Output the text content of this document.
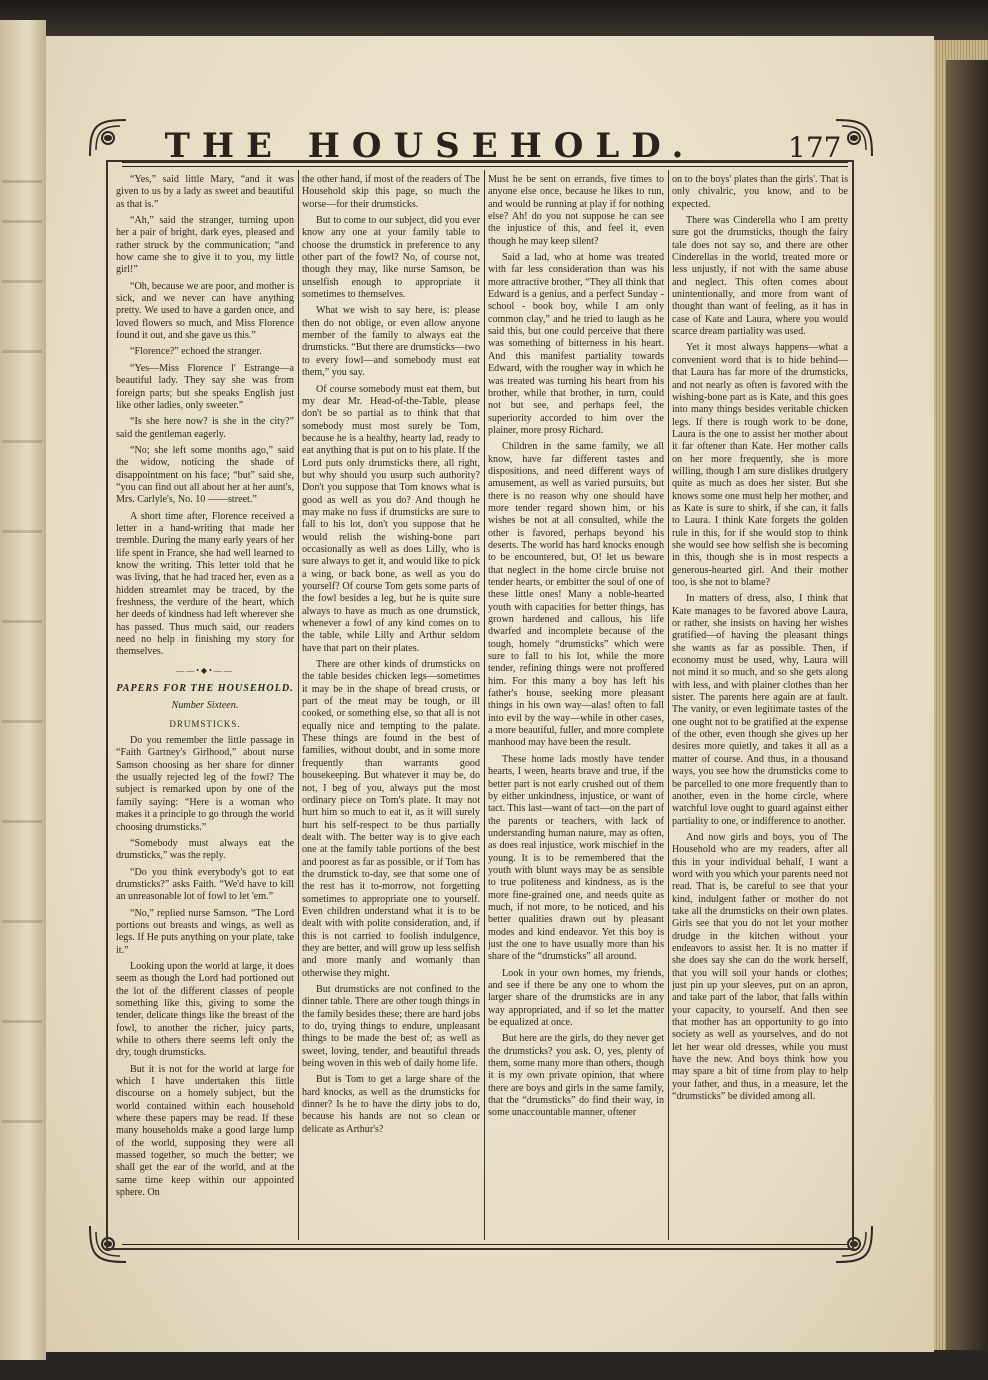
THE HOUSEHOLD.	177

“Yes,” said little Mary, “and it was given to us by a lady as sweet and beautiful as that is.”

“Ah,” said the stranger, turning upon her a pair of bright, dark eyes, pleased and rather struck by the communication; “and how came she to give it to you, my little girl!”

“Oh, because we are poor, and mother is sick, and we never can have anything pretty. We used to have a garden once, and loved flowers so much, and Miss Florence found it out, and she gave us this.”

“Florence?” echoed the stranger.

“Yes—Miss Florence l' Estrange—a beautiful lady. They say she was from foreign parts; but she speaks English just like other ladies, only sweeter.”

“Is she here now? is she in the city?” said the gentleman eagerly.

“No; she left some months ago,” said the widow, noticing the shade of disappointment on his face; “but” said she, “you can find out all about her at her aunt's, Mrs. Carlyle's, No. 10 ——street.”

A short time after, Florence received a letter in a hand-writing that made her tremble. During the many early years of her life spent in France, she had well learned to know the writing. This letter told that he was living, that he had traced her, even as a hidden streamlet may be traced, by the freshness, the verdure of the heart, which her deeds of kindness had left wherever she has passed. Thus much said, our readers need no help in finishing my story for themselves.

——•◆•——

PAPERS FOR THE HOUSEHOLD.

Number Sixteen.

DRUMSTICKS.

Do you remember the little passage in “Faith Gartney's Girlhood,” about nurse Samson choosing as her share for dinner the usually rejected leg of the fowl? The subject is remarked upon by one of the family saying: “Here is a woman who makes it a principle to go through the world choosing drumsticks.”

“Somebody must always eat the drumsticks,” was the reply.

“Do you think everybody's got to eat drumsticks?” asks Faith. “We'd have to kill an unreasonable lot of fowl to let 'em.”

“No,” replied nurse Samson. “The Lord portions out breasts and wings, as well as legs. If He puts anything on your plate, take it.”

Looking upon the world at large, it does seem as though the Lord had portioned out the lot of the different classes of people something like this, giving to some the tender, delicate things like the breast of the fowl, to another the richer, juicy parts, while to others there seems left only the dry, tough drumsticks.

But it is not for the world at large for which I have undertaken this little discourse on a homely subject, but the world contained within each household where these papers may be read. If these many households make a good large lump of the world, supposing they were all massed together, so much the better; we shall get the ear of the world, and at the same time keep within our appointed sphere. On

the other hand, if most of the readers of The Household skip this page, so much the worse—for their drumsticks.

But to come to our subject, did you ever know any one at your family table to choose the drumstick in preference to any other part of the fowl? No, of course not, though they may, like nurse Samson, be unselfish enough to appropriate it sometimes to themselves.

What we wish to say here, is: please then do not oblige, or even allow anyone member of the family to always eat the drumsticks. “But there are drumsticks—two to every fowl—and somebody must eat them,” you say.

Of course somebody must eat them, but my dear Mr. Head-of-the-Table, please don't be so partial as to think that that somebody must most surely be Tom, because he is a healthy, hearty lad, ready to eat anything that is put on to his plate. If the Lord puts only drumsticks there, all right, but why should you usurp such authority? Don't you suppose that Tom knows what is good as well as you do? And though he may make no fuss if drumsticks are sure to fall to his lot, don't you suppose that he would relish the wishing-bone part occasionally as well as does Lilly, who is sure always to get it, and would like to pick a wing, or back bone, as well as you do yourself? Of course Tom gets some parts of the fowl besides a leg, but he is quite sure always to have as much as one drumstick, whenever a fowl of any kind comes on to the table, while Lilly and Arthur seldom have that part on their plates.

There are other kinds of drumsticks on the table besides chicken legs—sometimes it may be in the shape of bread crusts, or part of the meat may be tough, or ill cooked, or something else, so that all is not equally nice and tempting to the palate. These things are found in the best of families, without doubt, and in some more frequently than warrants good housekeeping. But whatever it may be, do not, I beg of you, always put the most ordinary piece on Tom's plate. It may not hurt him so much to eat it, as it will surely hurt his self-respect to be thus partially dealt with. The better way is to give each one at the family table portions of the best and poorest as far as possible, or if Tom has the drumstick to-day, see that some one of the rest has it to-morrow, not forgetting sometimes to appropriate one to yourself. Even children understand what it is to be dealt with with polite consideration, and, if this is not carried to foolish indulgence, they are better, and will grow up less selfish and more manly and womanly than otherwise they might.

But drumsticks are not confined to the dinner table. There are other tough things in the family besides these; there are hard jobs to do, trying things to endure, unpleasant things to be made the best of; as well as sweet, loving, tender, and beautiful threads being woven in this web of daily home life.

But is Tom to get a large share of the hard knocks, as well as the drumsticks for dinner? Is he to have the dirty jobs to do, because his hands are not so clean or delicate as Arthur's?

Must he be sent on errands, five times to anyone else once, because he likes to run, and would be running at play if for nothing else? Ah! do you not suppose he can see the injustice of this, and feel it, even though he may keep silent?

Said a lad, who at home was treated with far less consideration than was his more attractive brother, “They all think that Edward is a genius, and a perfect Sunday - school - book boy, while I am only common clay,” and he tried to laugh as he said this, but one could perceive that there was something of bitterness in his heart. And this manifest partiality towards Edward, with the rougher way in which he was treated was turning his heart from his brother, while that brother, in turn, could not but see, and perhaps feel, the superiority accorded to him over the plainer, more prosy Richard.

Children in the same family, we all know, have far different tastes and dispositions, and need different ways of amusement, as well as varied pursuits, but there is no reason why one should have more tender regard shown him, or his wishes be not at all consulted, while the other is favored, perhaps beyond his deserts. The world has hard knocks enough to be encountered, but, O! let us beware that neglect in the home circle bruise not tender hearts, or embitter the soul of one of these little ones! Many a noble-hearted youth with capacities for better things, has grown hardened and callous, his life dwarfed and incomplete because of the tough, homely “drumsticks” which were sure to fall to his lot, while the more tender, refining things were not proffered him. For this many a boy has left his father's house, seeking more pleasant things in his own way—alas! often to fall into evil by the way—while in other cases, a more beautiful, fuller, and more complete manhood may have been the result.

These home lads mostly have tender hearts, I ween, hearts brave and true, if the better part is not early crushed out of them by either unkindness, injustice, or want of tact. This last—want of tact—on the part of the parents or teachers, with lack of understanding human nature, may as often, as does real injustice, work mischief in the young. It is to be remembered that the youth with blunt ways may be as sensible to true politeness and kindness, as is the more fine-grained one, and needs quite as much, if not more, to be noticed, and his better qualities drawn out by pleasant modes and kind endeavor. Yet this boy is just the one to have usually more than his share of the “drumsticks” all around.

Look in your own homes, my friends, and see if there be any one to whom the larger share of the drumsticks are in any way appropriated, and if so let the matter be equalized at once.

But here are the girls, do they never get the drumsticks? you ask. O, yes, plenty of them, some many more than others, though it is my own private opinion, that where there are boys and girls in the same family, that the “drumsticks” do find their way, in some unaccountable manner, oftener

on to the boys' plates than the girls'. That is only chivalric, you know, and to be expected.

There was Cinderella who I am pretty sure got the drumsticks, though the fairy tale does not say so, and there are other Cinderellas in the world, treated more or less unjustly, if not with the same abuse and neglect. This often comes about unintentionally, and more from want of thought than want of feeling, as it has in case of Kate and Laura, where you would scarce dream partiality was used.

Yet it most always happens—what a convenient word that is to hide behind—that Laura has far more of the drumsticks, and not nearly as often is favored with the wishing-bone part as is Kate, and this goes into many things besides veritable chicken legs. If there is rough work to be done, Laura is the one to assist her mother about it far oftener than Kate. Her mother calls on her more frequently, she is more willing, though I am sure dislikes drudgery quite as much as does her sister. But she knows some one must help her mother, and as Kate is sure to shirk, if she can, it falls to Laura. I think Kate forgets the golden rule in this, for if she would stop to think she would see how selfish she is becoming in this, though she is in most respects a generous-hearted girl. And their mother too, is she not to blame?

In matters of dress, also, I think that Kate manages to be favored above Laura, or rather, she insists on having her wishes gratified—of having the pleasant things she wants as far as possible. Then, if economy must be used, why, Laura will not mind it so much, and so she gets along with less, and with plainer clothes than her sister. The parents here again are at fault. The vanity, or even legitimate tastes of the one ought not to be gratified at the expense of the other, even though she gives up her desires more quietly, and takes it all as a matter of course. And thus, in a thousand ways, you see how the drumsticks come to be parcelled to one more frequently than to another, even in the home circle, where watchful love ought to guard against either partiality to one, or indifference to another.

And now girls and boys, you of The Household who are my readers, after all this in your individual behalf, I want a word with you which your parents need not read. That is, be careful to see that your kind, indulgent father or mother do not take all the drumsticks on their own plates. Girls see that you do not let your mother drudge in the kitchen without your endeavors to assist her. It is no matter if she does say she can do the work herself, that you will soil your hands or clothes; just pin up your sleeves, put on an apron, and take part of the labor, that falls within your capacity, to yourself. And then see that mother has an opportunity to go into society as well as yourselves, and do not let her wear old dresses, while you must have the new. And boys think how you may spare a bit of time from play to help your father, and thus, in a measure, let the “drumsticks” be divided among all.
